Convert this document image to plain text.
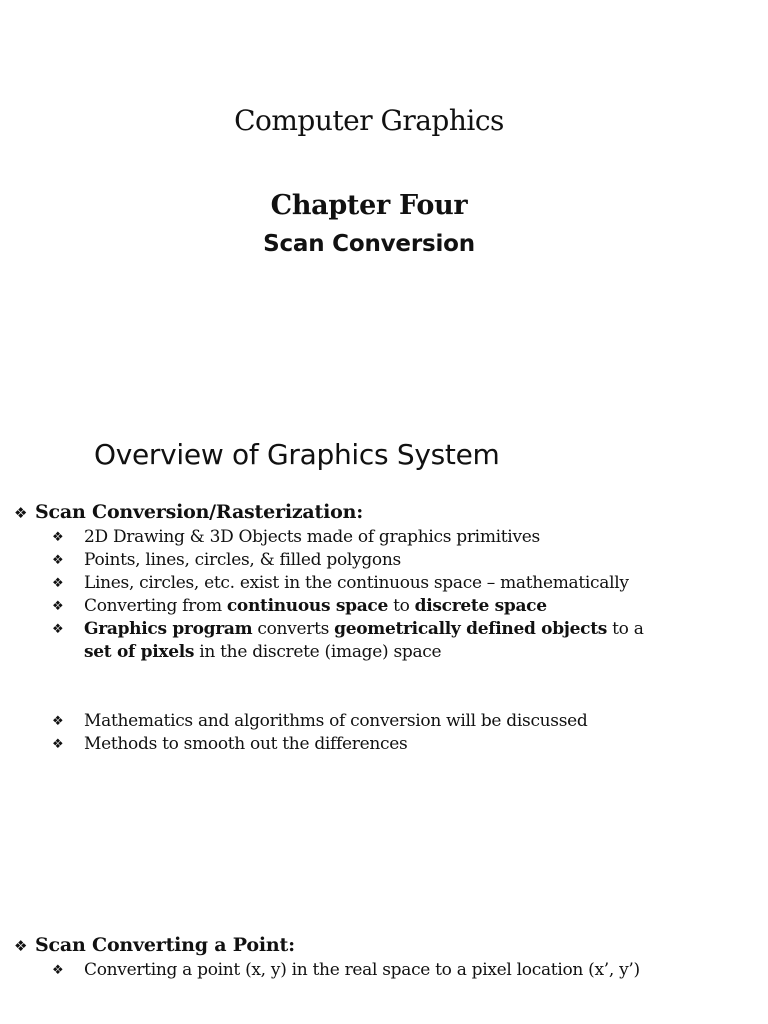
Computer Graphics
Chapter Four
Scan Conversion
Overview of Graphics System
❖ Scan Conversion/Rasterization:
❖ 2D Drawing & 3D Objects made of graphics primitives
❖ Points, lines, circles, & filled polygons
❖ Lines, circles, etc. exist in the continuous space – mathematically
❖ Converting from continuous space to discrete space
❖ Graphics program converts geometrically defined objects to a
set of pixels in the discrete (image) space
❖ Mathematics and algorithms of conversion will be discussed
❖ Methods to smooth out the differences
❖ Scan Converting a Point:
❖ Converting a point (x, y) in the real space to a pixel location (x’, y’)
